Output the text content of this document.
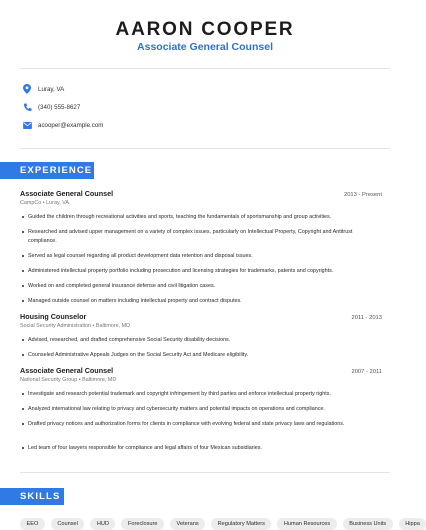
AARON COOPER
Associate General Counsel
Luray, VA
(340) 555-8627
acooper@example.com
EXPERIENCE
Associate General Counsel	2013 - Present
CampCo • Luray, VA
Guided the children through recreational activities and sports, teaching the fundamentals of sportsmanship and group activities.
Researched and advised upper management on a variety of complex issues, particularly on Intellectual Property, Copyright and Antitrust compliance.
Served as legal counsel regarding all product development data retention and disposal issues.
Administered intellectual property portfolio including prosecution and licensing strategies for trademarks, patents and copyrights.
Worked on and completed general insurance defense and civil litigation cases.
Managed outside counsel on matters including intellectual property and contract disputes.
Housing Counselor	2011 - 2013
Social Security Administration • Baltimore, MD
Advised, researched, and drafted comprehensive Social Security disability decisions.
Counseled Administrative Appeals Judges on the Social Security Act and Medicare eligibility.
Associate General Counsel	2007 - 2011
National Security Group • Baltimore, MD
Investigate and research potential trademark and copyright infringement by third parties and enforce intellectual property rights.
Analyzed international law relating to privacy and cybersecurity matters and potential impacts on operations and compliance.
Drafted privacy notices and authorization forms for clients in compliance with evolving federal and state privacy laws and regulations.
Led team of four lawyers responsible for compliance and legal affairs of four Mexican subsidiaries.
SKILLS
EEO	Counsel	HUD	Foreclosure	Veterans	Regulatory Matters	Human Resources	Business Units	Hippa
